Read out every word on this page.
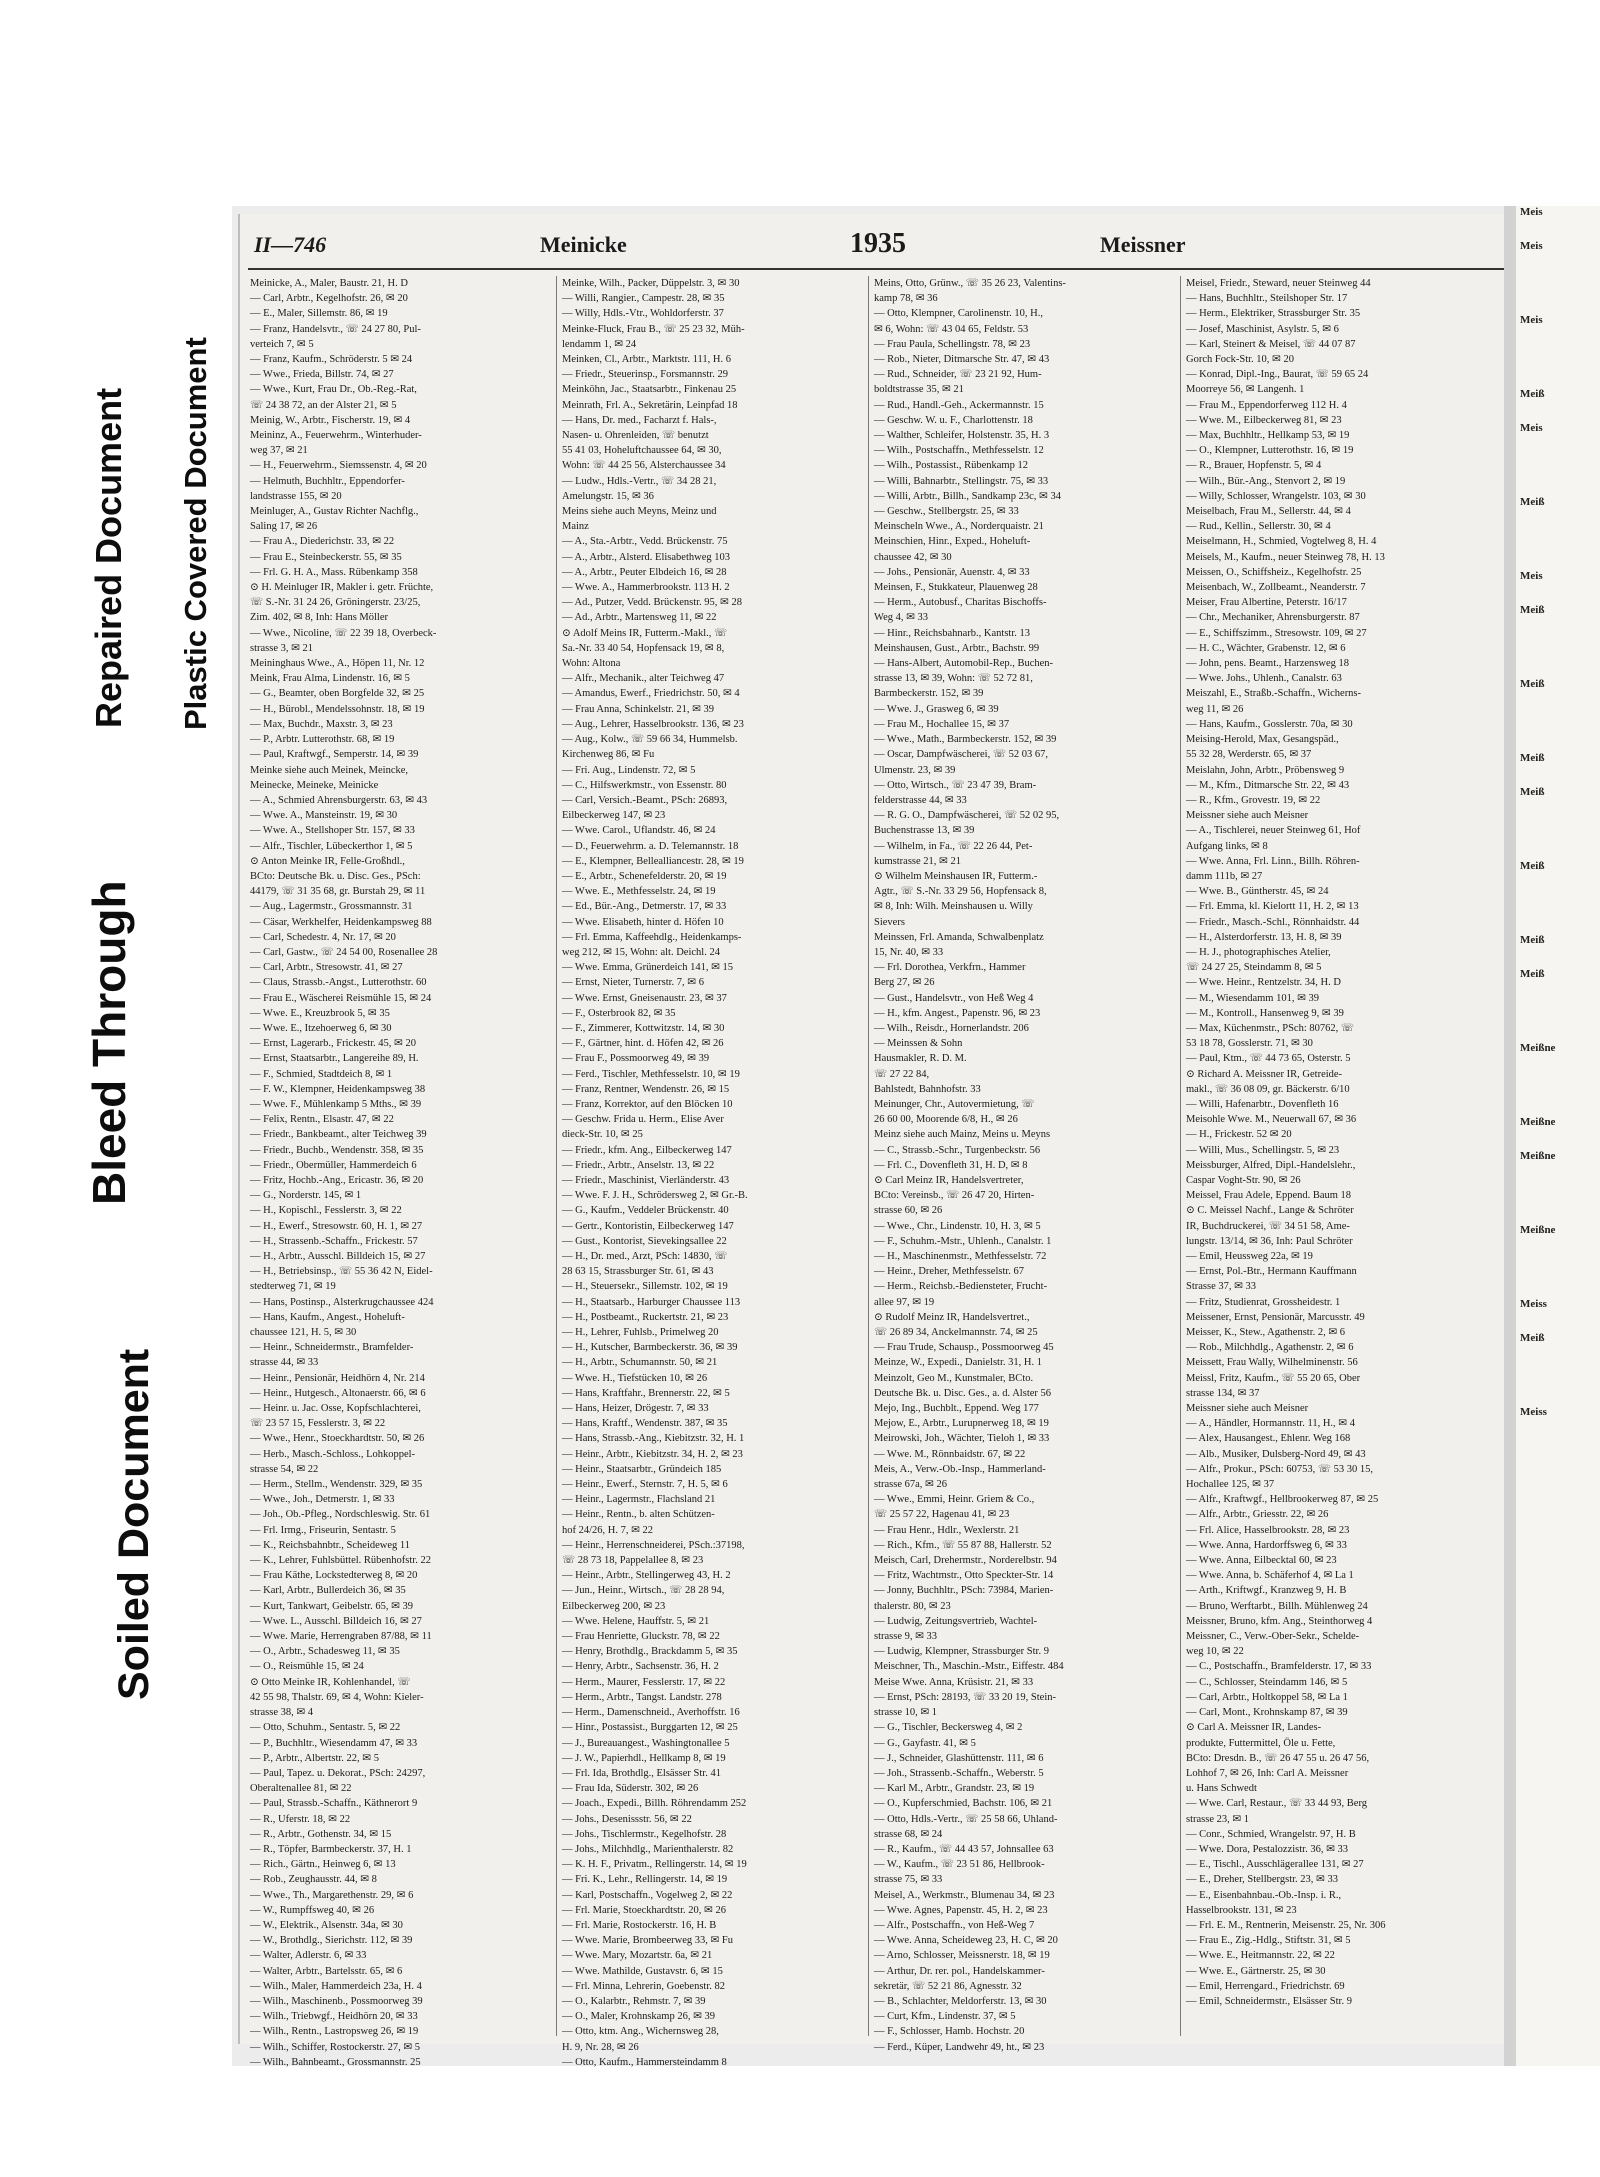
Bleed Through
Repaired Document Plastic Covered Document
Soiled Document
II—746	Meinicke	1935	Meissner
Meinicke, A., Maler, Baustr. 21, H. D
— Carl, Arbtr., Kegelhofstr. 26, ✉ 20
— E., Maler, Sillemstr. 86, ✉ 19
— Franz, Handelsvtr., ☏ 24 27 80, Pul-
verteich 7, ✉ 5
— Franz, Kaufm., Schröderstr. 5 ✉ 24
— Wwe., Frieda, Billstr. 74, ✉ 27
— Wwe., Kurt, Frau Dr., Ob.-Reg.-Rat,
☏ 24 38 72, an der Alster 21, ✉ 5
Meinig, W., Arbtr., Fischerstr. 19, ✉ 4
Meininz, A., Feuerwehrm., Winterhuder-
weg 37, ✉ 21
— H., Feuerwehrm., Siemssenstr. 4, ✉ 20
— Helmuth, Buchhltr., Eppendorfer-
landstrasse 155, ✉ 20
Meinluger, A., Gustav Richter Nachflg.,
Saling 17, ✉ 26
— Frau A., Diederichstr. 33, ✉ 22
— Frau E., Steinbeckerstr. 55, ✉ 35
— Frl. G. H. A., Mass. Rübenkamp 358
⊙ H. Meinluger IR, Makler i. getr. Früchte,
☏ S.-Nr. 31 24 26, Gröningerstr. 23/25,
Zim. 402, ✉ 8, Inh: Hans Möller
— Wwe., Nicoline, ☏ 22 39 18, Overbeck-
strasse 3, ✉ 21
Meininghaus Wwe., A., Höpen 11, Nr. 12
Meink, Frau Alma, Lindenstr. 16, ✉ 5
— G., Beamter, oben Borgfelde 32, ✉ 25
— H., Bürobl., Mendelssohnstr. 18, ✉ 19
— Max, Buchdr., Maxstr. 3, ✉ 23
— P., Arbtr. Lutterothstr. 68, ✉ 19
— Paul, Kraftwgf., Semperstr. 14, ✉ 39
Meinke siehe auch Meinek, Meincke,
Meinecke, Meineke, Meinicke
— A., Schmied Ahrensburgerstr. 63, ✉ 43
— Wwe. A., Mansteinstr. 19, ✉ 30
— Wwe. A., Stellshoper Str. 157, ✉ 33
— Alfr., Tischler, Lübeckerthor 1, ✉ 5
⊙ Anton Meinke IR, Felle-Großhdl.,
BCto: Deutsche Bk. u. Disc. Ges., PSch:
44179, ☏ 31 35 68, gr. Burstah 29, ✉ 11
— Aug., Lagermstr., Grossmannstr. 31
— Cäsar, Werkhelfer, Heidenkampsweg 88
— Carl, Schedestr. 4, Nr. 17, ✉ 20
— Carl, Gastw., ☏ 24 54 00, Rosenallee 28
— Carl, Arbtr., Stresowstr. 41, ✉ 27
— Claus, Strassb.-Angst., Lutterothstr. 60
— Frau E., Wäscherei Reismühle 15, ✉ 24
— Wwe. E., Kreuzbrook 5, ✉ 35
— Wwe. E., Itzehoerweg 6, ✉ 30
— Ernst, Lagerarb., Frickestr. 45, ✉ 20
— Ernst, Staatsarbtr., Langereihe 89, H.
— F., Schmied, Stadtdeich 8, ✉ 1
— F. W., Klempner, Heidenkampsweg 38
— Wwe. F., Mühlenkamp 5 Mths., ✉ 39
— Felix, Rentn., Elsastr. 47, ✉ 22
— Friedr., Bankbeamt., alter Teichweg 39
— Friedr., Buchb., Wendenstr. 358, ✉ 35
— Friedr., Obermüller, Hammerdeich 6
— Fritz, Hochb.-Ang., Ericastr. 36, ✉ 20
— G., Norderstr. 145, ✉ 1
— H., Kopischl., Fesslerstr. 3, ✉ 22
— H., Ewerf., Stresowstr. 60, H. 1, ✉ 27
— H., Strassenb.-Schaffn., Frickestr. 57
— H., Arbtr., Ausschl. Billdeich 15, ✉ 27
— H., Betriebsinsp., ☏ 55 36 42 N, Eidel-
stedterweg 71, ✉ 19
— Hans, Postinsp., Alsterkrugchaussee 424
— Hans, Kaufm., Angest., Hoheluft-
chaussee 121, H. 5, ✉ 30
— Heinr., Schneidermstr., Bramfelder-
strasse 44, ✉ 33
— Heinr., Pensionär, Heidhörn 4, Nr. 214
— Heinr., Hutgesch., Altonaerstr. 66, ✉ 6
— Heinr. u. Jac. Osse, Kopfschlachterei,
☏ 23 57 15, Fesslerstr. 3, ✉ 22
— Wwe., Henr., Stoeckhardtstr. 50, ✉ 26
— Herb., Masch.-Schloss., Lohkoppel-
strasse 54, ✉ 22
— Herm., Stellm., Wendenstr. 329, ✉ 35
— Wwe., Joh., Detmerstr. 1, ✉ 33
— Joh., Ob.-Pfleg., Nordschleswig. Str. 61
— Frl. Irmg., Friseurin, Sentastr. 5
— K., Reichsbahnbtr., Scheideweg 11
— K., Lehrer, Fuhlsbüttel. Rübenhofstr. 22
— Frau Käthe, Lockstedterweg 8, ✉ 20
— Karl, Arbtr., Bullerdeich 36, ✉ 35
— Kurt, Tankwart, Geibelstr. 65, ✉ 39
— Wwe. L., Ausschl. Billdeich 16, ✉ 27
— Wwe. Marie, Herrengraben 87/88, ✉ 11
— O., Arbtr., Schadesweg 11, ✉ 35
— O., Reismühle 15, ✉ 24
⊙ Otto Meinke IR, Kohlenhandel, ☏
42 55 98, Thalstr. 69, ✉ 4, Wohn: Kieler-
strasse 38, ✉ 4
— Otto, Schuhm., Sentastr. 5, ✉ 22
— P., Buchhltr., Wiesendamm 47, ✉ 33
— P., Arbtr., Albertstr. 22, ✉ 5
— Paul, Tapez. u. Dekorat., PSch: 24297,
Oberaltenallee 81, ✉ 22
— Paul, Strassb.-Schaffn., Käthnerort 9
— R., Uferstr. 18, ✉ 22
— R., Arbtr., Gothenstr. 34, ✉ 15
— R., Töpfer, Barmbeckerstr. 37, H. 1
— Rich., Gärtn., Heinweg 6, ✉ 13
— Rob., Zeughausstr. 44, ✉ 8
— Wwe., Th., Margarethenstr. 29, ✉ 6
— W., Rumpffsweg 40, ✉ 26
— W., Elektrik., Alsenstr. 34a, ✉ 30
— W., Brothdlg., Sierichstr. 112, ✉ 39
— Walter, Adlerstr. 6, ✉ 33
— Walter, Arbtr., Bartelsstr. 65, ✉ 6
— Wilh., Maler, Hammerdeich 23a, H. 4
— Wilh., Maschinenb., Possmoorweg 39
— Wilh., Triebwgf., Heidhörn 20, ✉ 33
— Wilh., Rentn., Lastropsweg 26, ✉ 19
— Wilh., Schiffer, Rostockerstr. 27, ✉ 5
— Wilh., Bahnbeamt., Grossmannstr. 25
Meinke, Wilh., Packer, Düppelstr. 3, ✉ 30
— Willi, Rangier., Campestr. 28, ✉ 35
— Willy, Hdls.-Vtr., Wohldorferstr. 37
Meinke-Fluck, Frau B., ☏ 25 23 32, Müh-
lendamm 1, ✉ 24
Meinken, Cl., Arbtr., Marktstr. 111, H. 6
— Friedr., Steuerinsp., Forsmannstr. 29
Meinköhn, Jac., Staatsarbtr., Finkenau 25
Meinrath, Frl. A., Sekretärin, Leinpfad 18
— Hans, Dr. med., Facharzt f. Hals-,
Nasen- u. Ohrenleiden, ☏ benutzt
55 41 03, Hoheluftchaussee 64, ✉ 30,
Wohn: ☏ 44 25 56, Alsterchaussee 34
— Ludw., Hdls.-Vertr., ☏ 34 28 21,
Amelungstr. 15, ✉ 36
Meins siehe auch Meyns, Meinz und
Mainz
— A., Sta.-Arbtr., Vedd. Brückenstr. 75
— A., Arbtr., Alsterd. Elisabethweg 103
— A., Arbtr., Peuter Elbdeich 16, ✉ 28
— Wwe. A., Hammerbrookstr. 113 H. 2
— Ad., Putzer, Vedd. Brückenstr. 95, ✉ 28
— Ad., Arbtr., Martensweg 11, ✉ 22
⊙ Adolf Meins IR, Futterm.-Makl., ☏
Sa.-Nr. 33 40 54, Hopfensack 19, ✉ 8,
Wohn: Altona
— Alfr., Mechanik., alter Teichweg 47
— Amandus, Ewerf., Friedrichstr. 50, ✉ 4
— Frau Anna, Schinkelstr. 21, ✉ 39
— Aug., Lehrer, Hasselbrookstr. 136, ✉ 23
— Aug., Kolw., ☏ 59 66 34, Hummelsb.
Kirchenweg 86, ✉ Fu
— Fri. Aug., Lindenstr. 72, ✉ 5
— C., Hilfswerkmstr., von Essenstr. 80
— Carl, Versich.-Beamt., PSch: 26893,
Eilbeckerweg 147, ✉ 23
— Wwe. Carol., Uflandstr. 46, ✉ 24
— D., Feuerwehrm. a. D. Telemannstr. 18
— E., Klempner, Bellealliancestr. 28, ✉ 19
— E., Arbtr., Schenefelderstr. 20, ✉ 19
— Wwe. E., Methfesselstr. 24, ✉ 19
— Ed., Bür.-Ang., Detmerstr. 17, ✉ 33
— Wwe. Elisabeth, hinter d. Höfen 10
— Frl. Emma, Kaffeehdlg., Heidenkamps-
weg 212, ✉ 15, Wohn: alt. Deichl. 24
— Wwe. Emma, Grünerdeich 141, ✉ 15
— Ernst, Nieter, Turnerstr. 7, ✉ 6
— Wwe. Ernst, Gneisenaustr. 23, ✉ 37
— F., Osterbrook 82, ✉ 35
— F., Zimmerer, Kottwitzstr. 14, ✉ 30
— F., Gärtner, hint. d. Höfen 42, ✉ 26
— Frau F., Possmoorweg 49, ✉ 39
— Ferd., Tischler, Methfesselstr. 10, ✉ 19
— Franz, Rentner, Wendenstr. 26, ✉ 15
— Franz, Korrektor, auf den Blöcken 10
— Geschw. Frida u. Herm., Elise Aver
dieck-Str. 10, ✉ 25
— Friedr., kfm. Ang., Eilbeckerweg 147
— Friedr., Arbtr., Anselstr. 13, ✉ 22
— Friedr., Maschinist, Vierländerstr. 43
— Wwe. F. J. H., Schrödersweg 2, ✉ Gr.-B.
— G., Kaufm., Veddeler Brückenstr. 40
— Gertr., Kontoristin, Eilbeckerweg 147
— Gust., Kontorist, Sievekingsallee 22
— H., Dr. med., Arzt, PSch: 14830, ☏
28 63 15, Strassburger Str. 61, ✉ 43
— H., Steuersekr., Sillemstr. 102, ✉ 19
— H., Staatsarb., Harburger Chaussee 113
— H., Postbeamt., Ruckertstr. 21, ✉ 23
— H., Lehrer, Fuhlsb., Primelweg 20
— H., Kutscher, Barmbeckerstr. 36, ✉ 39
— H., Arbtr., Schumannstr. 50, ✉ 21
— Wwe. H., Tiefstücken 10, ✉ 26
— Hans, Kraftfahr., Brennerstr. 22, ✉ 5
— Hans, Heizer, Drögestr. 7, ✉ 33
— Hans, Kraftf., Wendenstr. 387, ✉ 35
— Hans, Strassb.-Ang., Kiebitzstr. 32, H. 1
— Heinr., Arbtr., Kiebitzstr. 34, H. 2, ✉ 23
— Heinr., Staatsarbtr., Gründeich 185
— Heinr., Ewerf., Sternstr. 7, H. 5, ✉ 6
— Heinr., Lagermstr., Flachsland 21
— Heinr., Rentn., b. alten Schützen-
hof 24/26, H. 7, ✉ 22
— Heinr., Herrenschneiderei, PSch.:37198,
☏ 28 73 18, Pappelallee 8, ✉ 23
— Heinr., Arbtr., Stellingerweg 43, H. 2
— Jun., Heinr., Wirtsch., ☏ 28 28 94,
Eilbeckerweg 200, ✉ 23
— Wwe. Helene, Hauffstr. 5, ✉ 21
— Frau Henriette, Gluckstr. 78, ✉ 22
— Henry, Brothdlg., Brackdamm 5, ✉ 35
— Henry, Arbtr., Sachsenstr. 36, H. 2
— Herm., Maurer, Fesslerstr. 17, ✉ 22
— Herm., Arbtr., Tangst. Landstr. 278
— Herm., Damenschneid., Averhoffstr. 16
— Hinr., Postassist., Burggarten 12, ✉ 25
— J., Bureauangest., Washingtonallee 5
— J. W., Papierhdl., Hellkamp 8, ✉ 19
— Frl. Ida, Brothdlg., Elsässer Str. 41
— Frau Ida, Süderstr. 302, ✉ 26
— Joach., Expedi., Billh. Röhrendamm 252
— Johs., Desenissstr. 56, ✉ 22
— Johs., Tischlermstr., Kegelhofstr. 28
— Johs., Milchhdlg., Marienthalerstr. 82
— K. H. F., Privatm., Rellingerstr. 14, ✉ 19
— Fri. K., Lehr., Rellingerstr. 14, ✉ 19
— Karl, Postschaffn., Vogelweg 2, ✉ 22
— Frl. Marie, Stoeckhardtstr. 20, ✉ 26
— Frl. Marie, Rostockerstr. 16, H. B
— Wwe. Marie, Brombeerweg 33, ✉ Fu
— Wwe. Mary, Mozartstr. 6a, ✉ 21
— Wwe. Mathilde, Gustavstr. 6, ✉ 15
— Frl. Minna, Lehrerin, Goebenstr. 82
— O., Kalarbtr., Rehmstr. 7, ✉ 39
— O., Maler, Krohnskamp 26, ✉ 39
— Otto, ktm. Ang., Wichernsweg 28,
H. 9, Nr. 28, ✉ 26
— Otto, Kaufm., Hammersteindamm 8
Meins, Otto, Grünw., ☏ 35 26 23, Valentins-
kamp 78, ✉ 36
— Otto, Klempner, Carolinenstr. 10, H.,
✉ 6, Wohn: ☏ 43 04 65, Feldstr. 53
— Frau Paula, Schellingstr. 78, ✉ 23
— Rob., Nieter, Ditmarsche Str. 47, ✉ 43
— Rud., Schneider, ☏ 23 21 92, Hum-
boldtstrasse 35, ✉ 21
— Rud., Handl.-Geh., Ackermannstr. 15
— Geschw. W. u. F., Charlottenstr. 18
— Walther, Schleifer, Holstenstr. 35, H. 3
— Wilh., Postschaffn., Methfesselstr. 12
— Wilh., Postassist., Rübenkamp 12
— Willi, Bahnarbtr., Stellingstr. 75, ✉ 33
— Willi, Arbtr., Billh., Sandkamp 23c, ✉ 34
— Geschw., Stellbergstr. 25, ✉ 33
Meinscheln Wwe., A., Norderquaistr. 21
Meinschien, Hinr., Exped., Hoheluft-
chaussee 42, ✉ 30
— Johs., Pensionär, Auenstr. 4, ✉ 33
Meinsen, F., Stukkateur, Plauenweg 28
— Herm., Autobusf., Charitas Bischoffs-
Weg 4, ✉ 33
— Hinr., Reichsbahnarb., Kantstr. 13
Meinshausen, Gust., Arbtr., Bachstr. 99
— Hans-Albert, Automobil-Rep., Buchen-
strasse 13, ✉ 39, Wohn: ☏ 52 72 81,
Barmbeckerstr. 152, ✉ 39
— Wwe. J., Grasweg 6, ✉ 39
— Frau M., Hochallee 15, ✉ 37
— Wwe., Math., Barmbeckerstr. 152, ✉ 39
— Oscar, Dampfwäscherei, ☏ 52 03 67,
Ulmenstr. 23, ✉ 39
— Otto, Wirtsch., ☏ 23 47 39, Bram-
felderstrasse 44, ✉ 33
— R. G. O., Dampfwäscherei, ☏ 52 02 95,
Buchenstrasse 13, ✉ 39
— Wilhelm, in Fa., ☏ 22 26 44, Pet-
kumstrasse 21, ✉ 21
⊙ Wilhelm Meinshausen IR, Futterm.-
Agtr., ☏ S.-Nr. 33 29 56, Hopfensack 8,
✉ 8, Inh: Wilh. Meinshausen u. Willy
Sievers
Meinssen, Frl. Amanda, Schwalbenplatz
15, Nr. 40, ✉ 33
— Frl. Dorothea, Verkfrn., Hammer
Berg 27, ✉ 26
— Gust., Handelsvtr., von Heß Weg 4
— H., kfm. Angest., Papenstr. 96, ✉ 23
— Wilh., Reisdr., Hornerlandstr. 206
— Meinssen & Sohn
Hausmakler, R. D. M.
☏ 27 22 84,
Bahlstedt, Bahnhofstr. 33
Meinunger, Chr., Autovermietung, ☏
26 60 00, Moorende 6/8, H., ✉ 26
Meinz siehe auch Mainz, Meins u. Meyns
— C., Strassb.-Schr., Turgenbeckstr. 56
— Frl. C., Dovenfleth 31, H. D, ✉ 8
⊙ Carl Meinz IR, Handelsvertreter,
BCto: Vereinsb., ☏ 26 47 20, Hirten-
strasse 60, ✉ 26
— Wwe., Chr., Lindenstr. 10, H. 3, ✉ 5
— F., Schuhm.-Mstr., Uhlenh., Canalstr. 1
— H., Maschinenmstr., Methfesselstr. 72
— Heinr., Dreher, Methfesselstr. 67
— Herm., Reichsb.-Bediensteter, Frucht-
allee 97, ✉ 19
⊙ Rudolf Meinz IR, Handelsvertret.,
☏ 26 89 34, Anckelmannstr. 74, ✉ 25
— Frau Trude, Schausp., Possmoorweg 45
Meinze, W., Expedi., Danielstr. 31, H. 1
Meinzolt, Geo M., Kunstmaler, BCto.
Deutsche Bk. u. Disc. Ges., a. d. Alster 56
Mejo, Ing., Buchblt., Eppend. Weg 177
Mejow, E., Arbtr., Lurupnerweg 18, ✉ 19
Meirowski, Joh., Wächter, Tieloh 1, ✉ 33
— Wwe. M., Rönnbaidstr. 67, ✉ 22
Meis, A., Verw.-Ob.-Insp., Hammerland-
strasse 67a, ✉ 26
— Wwe., Emmi, Heinr. Griem & Co.,
☏ 25 57 22, Hagenau 41, ✉ 23
— Frau Henr., Hdlr., Wexlerstr. 21
— Rich., Kfm., ☏ 55 87 88, Hallerstr. 52
Meisch, Carl, Drehermstr., Norderelbstr. 94
— Fritz, Wachtmstr., Otto Speckter-Str. 14
— Jonny, Buchhltr., PSch: 73984, Marien-
thalerstr. 80, ✉ 23
— Ludwig, Zeitungsvertrieb, Wachtel-
strasse 9, ✉ 33
— Ludwig, Klempner, Strassburger Str. 9
Meischner, Th., Maschin.-Mstr., Eiffestr. 484
Meise Wwe. Anna, Krüsistr. 21, ✉ 33
— Ernst, PSch: 28193, ☏ 33 20 19, Stein-
strasse 10, ✉ 1
— G., Tischler, Beckersweg 4, ✉ 2
— G., Gayfastr. 41, ✉ 5
— J., Schneider, Glashüttenstr. 111, ✉ 6
— Joh., Strassenb.-Schaffn., Weberstr. 5
— Karl M., Arbtr., Grandstr. 23, ✉ 19
— O., Kupferschmied, Bachstr. 106, ✉ 21
— Otto, Hdls.-Vertr., ☏ 25 58 66, Uhland-
strasse 68, ✉ 24
— R., Kaufm., ☏ 44 43 57, Johnsallee 63
— W., Kaufm., ☏ 23 51 86, Hellbrook-
strasse 75, ✉ 33
Meisel, A., Werkmstr., Blumenau 34, ✉ 23
— Wwe. Agnes, Papenstr. 45, H. 2, ✉ 23
— Alfr., Postschaffn., von Heß-Weg 7
— Wwe. Anna, Scheideweg 23, H. C, ✉ 20
— Arno, Schlosser, Meissnerstr. 18, ✉ 19
— Arthur, Dr. rer. pol., Handelskammer-
sekretär, ☏ 52 21 86, Agnesstr. 32
— B., Schlachter, Meldorferstr. 13, ✉ 30
— Curt, Kfm., Lindenstr. 37, ✉ 5
— F., Schlosser, Hamb. Hochstr. 20
— Ferd., Küper, Landwehr 49, ht., ✉ 23
Meisel, Friedr., Steward, neuer Steinweg 44
— Hans, Buchhltr., Steilshoper Str. 17
— Herm., Elektriker, Strassburger Str. 35
— Josef, Maschinist, Asylstr. 5, ✉ 6
— Karl, Steinert & Meisel, ☏ 44 07 87
Gorch Fock-Str. 10, ✉ 20
— Konrad, Dipl.-Ing., Baurat, ☏ 59 65 24
Moorreye 56, ✉ Langenh. 1
— Frau M., Eppendorferweg 112 H. 4
— Wwe. M., Eilbeckerweg 81, ✉ 23
— Max, Buchhltr., Hellkamp 53, ✉ 19
— O., Klempner, Lutterothstr. 16, ✉ 19
— R., Brauer, Hopfenstr. 5, ✉ 4
— Wilh., Bür.-Ang., Stenvort 2, ✉ 19
— Willy, Schlosser, Wrangelstr. 103, ✉ 30
Meiselbach, Frau M., Sellerstr. 44, ✉ 4
— Rud., Kellin., Sellerstr. 30, ✉ 4
Meiselmann, H., Schmied, Vogtelweg 8, H. 4
Meisels, M., Kaufm., neuer Steinweg 78, H. 13
Meissen, O., Schiffsheiz., Kegelhofstr. 25
Meisenbach, W., Zollbeamt., Neanderstr. 7
Meiser, Frau Albertine, Peterstr. 16/17
— Chr., Mechaniker, Ahrensburgerstr. 87
— E., Schiffszimm., Stresowstr. 109, ✉ 27
— H. C., Wächter, Grabenstr. 12, ✉ 6
— John, pens. Beamt., Harzensweg 18
— Wwe. Johs., Uhlenh., Canalstr. 63
Meiszahl, E., Straßb.-Schaffn., Wicherns-
weg 11, ✉ 26
— Hans, Kaufm., Gosslerstr. 70a, ✉ 30
Meising-Herold, Max, Gesangspäd.,
55 32 28, Werderstr. 65, ✉ 37
Meislahn, John, Arbtr., Pröbensweg 9
— M., Kfm., Ditmarsche Str. 22, ✉ 43
— R., Kfm., Grovestr. 19, ✉ 22
Meissner siehe auch Meisner
— A., Tischlerei, neuer Steinweg 61, Hof
Aufgang links, ✉ 8
— Wwe. Anna, Frl. Linn., Billh. Röhren-
damm 111b, ✉ 27
— Wwe. B., Güntherstr. 45, ✉ 24
— Frl. Emma, kl. Kielortt 11, H. 2, ✉ 13
— Friedr., Masch.-Schl., Rönnhaidstr. 44
— H., Alsterdorferstr. 13, H. 8, ✉ 39
— H. J., photographisches Atelier,
☏ 24 27 25, Steindamm 8, ✉ 5
— Wwe. Heinr., Rentzelstr. 34, H. D
— M., Wiesendamm 101, ✉ 39
— M., Kontroll., Hansenweg 9, ✉ 39
— Max, Küchenmstr., PSch: 80762, ☏
53 18 78, Gosslerstr. 71, ✉ 30
— Paul, Ktm., ☏ 44 73 65, Osterstr. 5
⊙ Richard A. Meissner IR, Getreide-
makl., ☏ 36 08 09, gr. Bäckerstr. 6/10
— Willi, Hafenarbtr., Dovenfleth 16
Meisohle Wwe. M., Neuerwall 67, ✉ 36
— H., Frickestr. 52 ✉ 20
— Willi, Mus., Schellingstr. 5, ✉ 23
Meissburger, Alfred, Dipl.-Handelslehr.,
Caspar Voght-Str. 90, ✉ 26
Meissel, Frau Adele, Eppend. Baum 18
⊙ C. Meissel Nachf., Lange & Schröter
IR, Buchdruckerei, ☏ 34 51 58, Ame-
lungstr. 13/14, ✉ 36, Inh: Paul Schröter
— Emil, Heussweg 22a, ✉ 19
— Ernst, Pol.-Btr., Hermann Kauffmann
Strasse 37, ✉ 33
— Fritz, Studienrat, Grossheidestr. 1
Meissener, Ernst, Pensionär, Marcusstr. 49
Meisser, K., Stew., Agathenstr. 2, ✉ 6
— Rob., Milchhdlg., Agathenstr. 2, ✉ 6
Meissett, Frau Wally, Wilhelminenstr. 56
Meissl, Fritz, Kaufm., ☏ 55 20 65, Ober
strasse 134, ✉ 37
Meissner siehe auch Meisner
— A., Händler, Hormannstr. 11, H., ✉ 4
— Alex, Hausangest., Ehlenr. Weg 168
— Alb., Musiker, Dulsberg-Nord 49, ✉ 43
— Alfr., Prokur., PSch: 60753, ☏ 53 30 15,
Hochallee 125, ✉ 37
— Alfr., Kraftwgf., Hellbrookerweg 87, ✉ 25
— Alfr., Arbtr., Griesstr. 22, ✉ 26
— Frl. Alice, Hasselbrookstr. 28, ✉ 23
— Wwe. Anna, Hardorffsweg 6, ✉ 33
— Wwe. Anna, Eilbecktal 60, ✉ 23
— Wwe. Anna, b. Schäferhof 4, ✉ La 1
— Arth., Kriftwgf., Kranzweg 9, H. B
— Bruno, Werftarbt., Billh. Mühlenweg 24
Meissner, Bruno, kfm. Ang., Steinthorweg 4
Meissner, C., Verw.-Ober-Sekr., Schelde-
weg 10, ✉ 22
— C., Postschaffn., Bramfelderstr. 17, ✉ 33
— C., Schlosser, Steindamm 146, ✉ 5
— Carl, Arbtr., Holtkoppel 58, ✉ La 1
— Carl, Mont., Krohnskamp 87, ✉ 39
⊙ Carl A. Meissner IR, Landes-
produkte, Futtermittel, Öle u. Fette,
BCto: Dresdn. B., ☏ 26 47 55 u. 26 47 56,
Lohhof 7, ✉ 26, Inh: Carl A. Meissner
u. Hans Schwedt
— Wwe. Carl, Restaur., ☏ 33 44 93, Berg
strasse 23, ✉ 1
— Conr., Schmied, Wrangelstr. 97, H. B
— Wwe. Dora, Pestalozzistr. 36, ✉ 33
— E., Tischl., Ausschlägerallee 131, ✉ 27
— E., Dreher, Stellbergstr. 23, ✉ 33
— E., Eisenbahnbau.-Ob.-Insp. i. R.,
Hasselbrookstr. 131, ✉ 23
— Frl. E. M., Rentnerin, Meisenstr. 25, Nr. 306
— Frau E., Zig.-Hdlg., Stiftstr. 31, ✉ 5
— Wwe. E., Heitmannstr. 22, ✉ 22
— Wwe. E., Gärtnerstr. 25, ✉ 30
— Emil, Herrengard., Friedrichstr. 69
— Emil, Schneidermstr., Elsässer Str. 9
Meis
Meis
Meis
Meiß
Meis
Meiß
Meis
Meiß
Meiß
Meiß
Meiß
Meiß
Meiß
Meiß
Meißne
Meißne
Meißne
Meißne
Meiss
Meiß
Meiss
